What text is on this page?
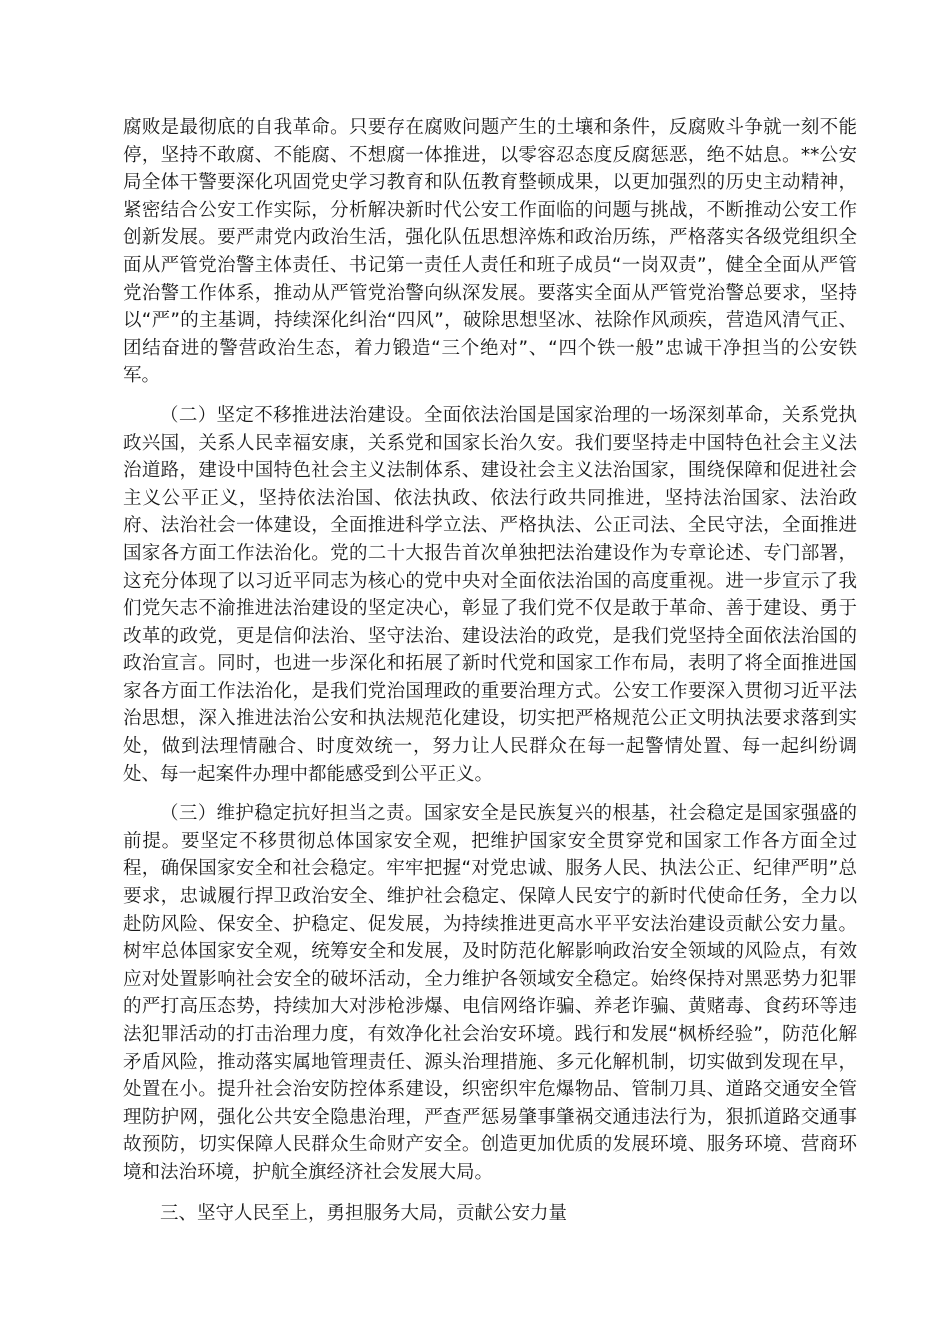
腐败是最彻底的自我革命。只要存在腐败问题产生的土壤和条件，反腐败斗争就一刻不能停，坚持不敢腐、不能腐、不想腐一体推进，以零容忍态度反腐惩恶，绝不姑息。**公安局全体干警要深化巩固党史学习教育和队伍教育整顿成果，以更加强烈的历史主动精神，紧密结合公安工作实际，分析解决新时代公安工作面临的问题与挑战，不断推动公安工作创新发展。要严肃党内政治生活，强化队伍思想淬炼和政治历练，严格落实各级党组织全面从严管党治警主体责任、书记第一责任人责任和班子成员“一岗双责”，健全全面从严管党治警工作体系，推动从严管党治警向纵深发展。要落实全面从严管党治警总要求，坚持以“严”的主基调，持续深化纠治“四风”，破除思想坚冰、祛除作风顽疾，营造风清气正、团结奋进的警营政治生态，着力锻造“三个绝对”、“四个铁一般”忠诚干净担当的公安铁军。

（二）坚定不移推进法治建设。全面依法治国是国家治理的一场深刻革命，关系党执政兴国，关系人民幸福安康，关系党和国家长治久安。我们要坚持走中国特色社会主义法治道路，建设中国特色社会主义法制体系、建设社会主义法治国家，围绕保障和促进社会主义公平正义，坚持依法治国、依法执政、依法行政共同推进，坚持法治国家、法治政府、法治社会一体建设，全面推进科学立法、严格执法、公正司法、全民守法，全面推进国家各方面工作法治化。党的二十大报告首次单独把法治建设作为专章论述、专门部署，这充分体现了以习近平同志为核心的党中央对全面依法治国的高度重视。进一步宣示了我们党矢志不渝推进法治建设的坚定决心，彰显了我们党不仅是敢于革命、善于建设、勇于改革的政党，更是信仰法治、坚守法治、建设法治的政党，是我们党坚持全面依法治国的政治宣言。同时，也进一步深化和拓展了新时代党和国家工作布局，表明了将全面推进国家各方面工作法治化，是我们党治国理政的重要治理方式。公安工作要深入贯彻习近平法治思想，深入推进法治公安和执法规范化建设，切实把严格规范公正文明执法要求落到实处，做到法理情融合、时度效统一，努力让人民群众在每一起警情处置、每一起纠纷调处、每一起案件办理中都能感受到公平正义。

（三）维护稳定抗好担当之责。国家安全是民族复兴的根基，社会稳定是国家强盛的前提。要坚定不移贯彻总体国家安全观，把维护国家安全贯穿党和国家工作各方面全过程，确保国家安全和社会稳定。牢牢把握“对党忠诚、服务人民、执法公正、纪律严明”总要求，忠诚履行捍卫政治安全、维护社会稳定、保障人民安宁的新时代使命任务，全力以赴防风险、保安全、护稳定、促发展，为持续推进更高水平平安法治建设贡献公安力量。树牢总体国家安全观，统筹安全和发展，及时防范化解影响政治安全领域的风险点，有效应对处置影响社会安全的破坏活动，全力维护各领域安全稳定。始终保持对黑恶势力犯罪的严打高压态势，持续加大对涉枪涉爆、电信网络诈骗、养老诈骗、黄赌毒、食药环等违法犯罪活动的打击治理力度，有效净化社会治安环境。践行和发展“枫桥经验”，防范化解矛盾风险，推动落实属地管理责任、源头治理措施、多元化解机制，切实做到发现在早，处置在小。提升社会治安防控体系建设，织密织牢危爆物品、管制刀具、道路交通安全管理防护网，强化公共安全隐患治理，严查严惩易肇事肇祸交通违法行为，狠抓道路交通事故预防，切实保障人民群众生命财产安全。创造更加优质的发展环境、服务环境、营商环境和法治环境，护航全旗经济社会发展大局。

三、坚守人民至上，勇担服务大局，贡献公安力量
